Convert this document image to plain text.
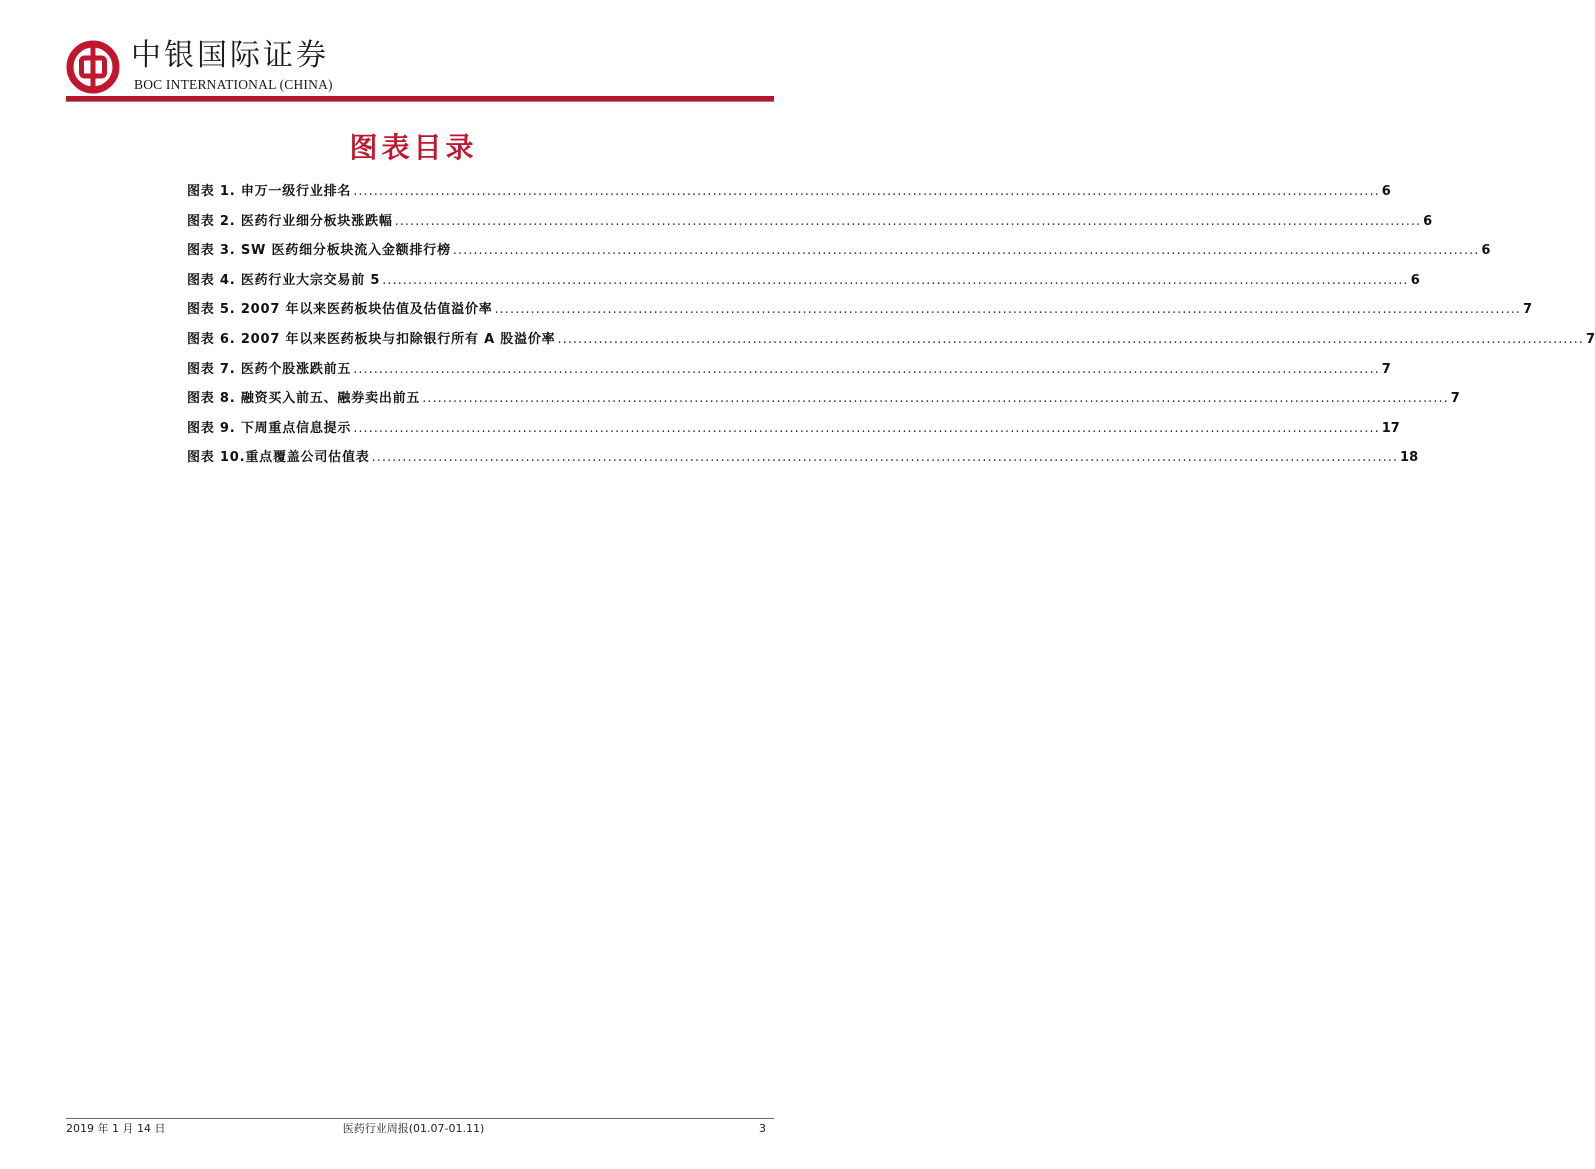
中银国际证券
BOC INTERNATIONAL (CHINA)
图表目录
图表 1. 申万一级行业排名 ........................................................................................................................................................................................................ 6
图表 2. 医药行业细分板块涨跌幅 ........................................................................................................................................................................................................ 6
图表 3. SW 医药细分板块流入金额排行榜 ........................................................................................................................................................................................................ 6
图表 4. 医药行业大宗交易前 5 ........................................................................................................................................................................................................ 6
图表 5. 2007 年以来医药板块估值及估值溢价率 ........................................................................................................................................................................................................ 7
图表 6. 2007 年以来医药板块与扣除银行所有 A 股溢价率 ........................................................................................................................................................................................................ 7
图表 7. 医药个股涨跌前五 ........................................................................................................................................................................................................ 7
图表 8. 融资买入前五、融券卖出前五 ........................................................................................................................................................................................................ 7
图表 9. 下周重点信息提示 ........................................................................................................................................................................................................ 17
图表 10.重点覆盖公司估值表 ........................................................................................................................................................................................................ 18
2019 年 1 月 14 日	医药行业周报(01.07-01.11)	3
